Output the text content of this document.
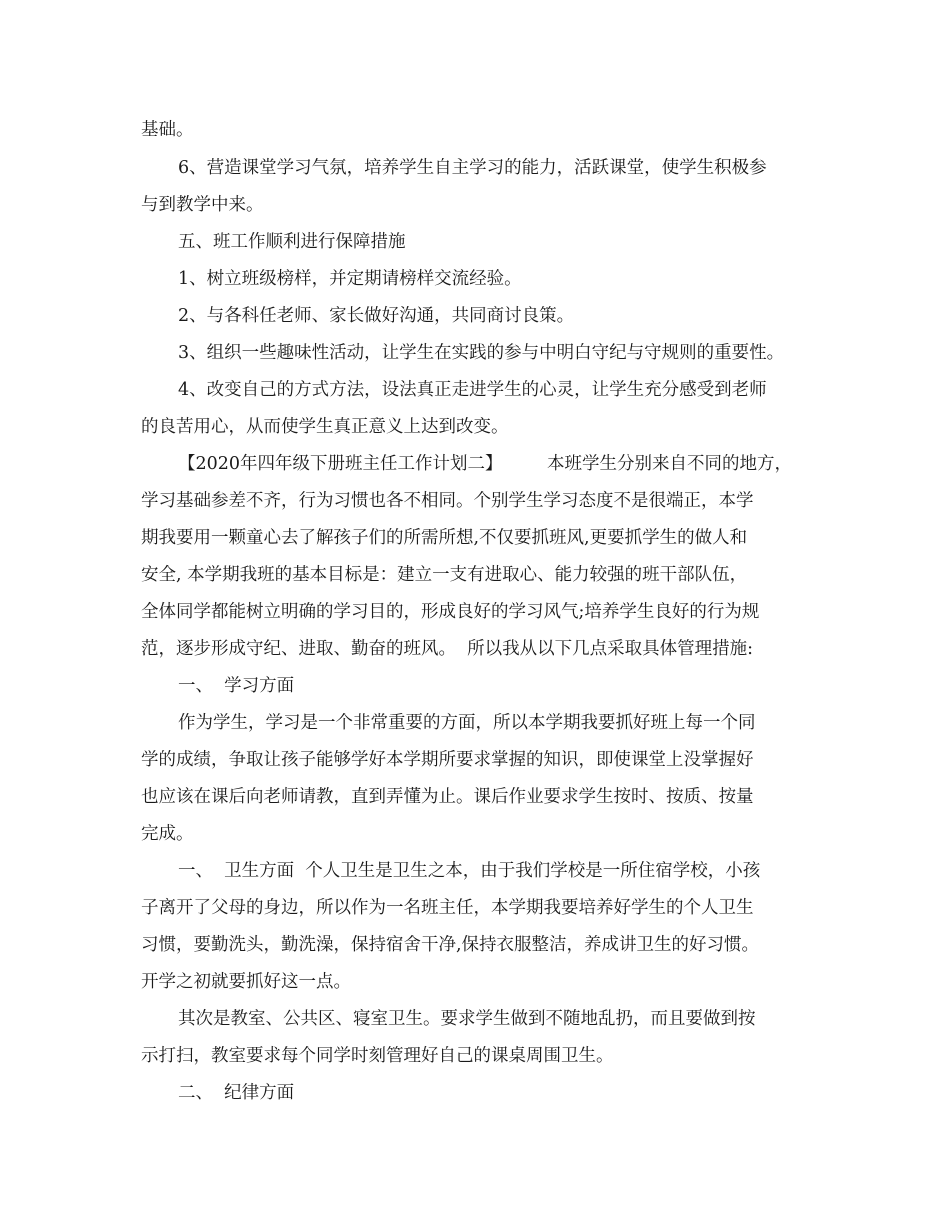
基础。
6、营造课堂学习气氛，培养学生自主学习的能力，活跃课堂，使学生积极参
与到教学中来。
五、班工作顺利进行保障措施
1、树立班级榜样，并定期请榜样交流经验。
2、与各科任老师、家长做好沟通，共同商讨良策。
3、组织一些趣味性活动，让学生在实践的参与中明白守纪与守规则的重要性。
4、改变自己的方式方法，设法真正走进学生的心灵，让学生充分感受到老师
的良苦用心，从而使学生真正意义上达到改变。
【2020年四年级下册班主任工作计划二】        本班学生分别来自不同的地方，
学习基础参差不齐，行为习惯也各不相同。个别学生学习态度不是很端正，本学
期我要用一颗童心去了解孩子们的所需所想,不仅要抓班风,更要抓学生的做人和
安全, 本学期我班的基本目标是：建立一支有进取心、能力较强的班干部队伍，
全体同学都能树立明确的学习目的，形成良好的学习风气;培养学生良好的行为规
范，逐步形成守纪、进取、勤奋的班风。  所以我从以下几点采取具体管理措施:
一、  学习方面
作为学生，学习是一个非常重要的方面，所以本学期我要抓好班上每一个同
学的成绩，争取让孩子能够学好本学期所要求掌握的知识，即使课堂上没掌握好
也应该在课后向老师请教，直到弄懂为止。课后作业要求学生按时、按质、按量
完成。
一、  卫生方面  个人卫生是卫生之本，由于我们学校是一所住宿学校，小孩
子离开了父母的身边，所以作为一名班主任，本学期我要培养好学生的个人卫生
习惯，要勤洗头，勤洗澡，保持宿舍干净,保持衣服整洁，养成讲卫生的好习惯。
开学之初就要抓好这一点。
其次是教室、公共区、寝室卫生。要求学生做到不随地乱扔，而且要做到按
示打扫，教室要求每个同学时刻管理好自己的课桌周围卫生。
二、  纪律方面
